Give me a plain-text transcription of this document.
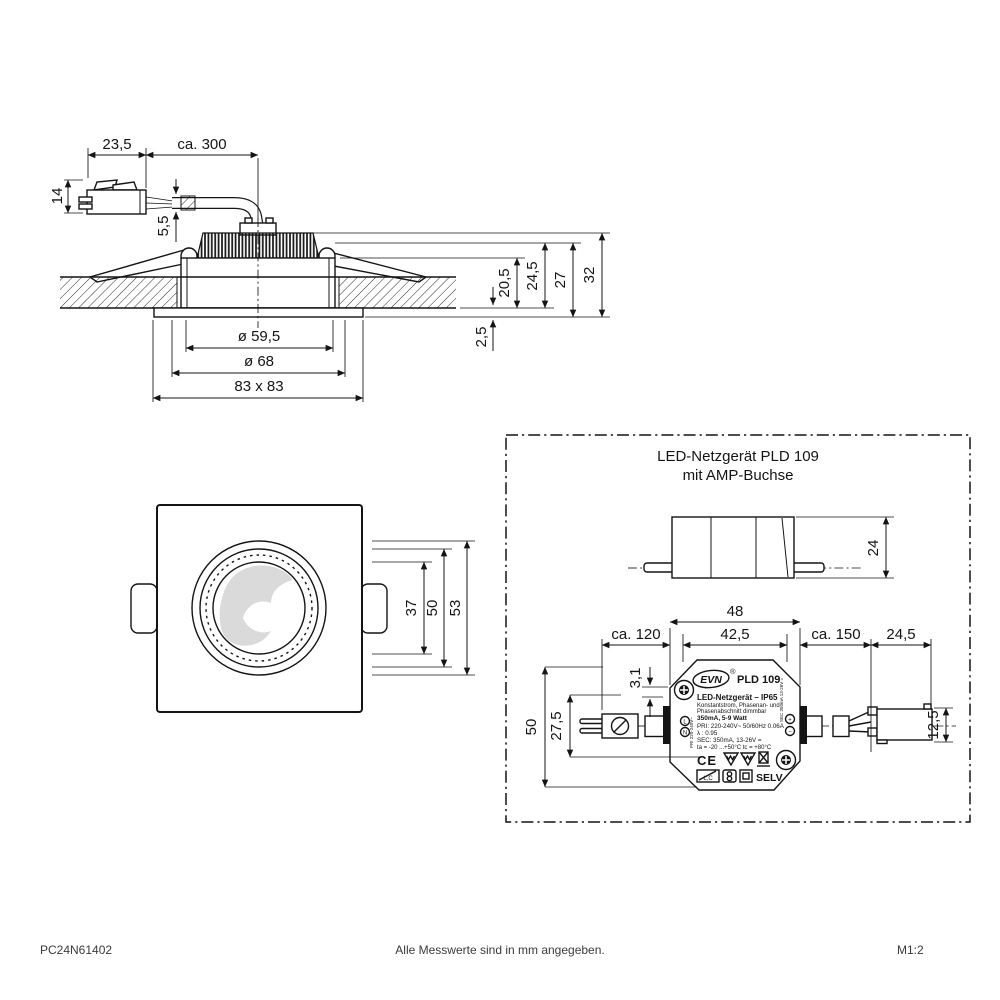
23,5	ca. 300
14
5,5
20,5 24,5 27 32
2,5
ø 59,5
ø 68
83 x 83
37 50 53
LED-Netzgerät PLD 109
mit AMP-Buchse
24
EVN
®
PLD 109
LED-Netzgerät – IP65
Konstantstrom, Phasenan- und
Phasenabschnitt dimmbar
350mA, 5-9 Watt
PRI: 220-240V~ 50/60Hz 0.06A
λ : 0.95
SEC: 350mA, 13-26V =
ta = -20 ...+50°C tc = +80°C
CE
L,C	SELV
L
N PRI 220-240V~
SEC 350mA 13-26V = +
−
48
42,5
ca. 120	ca. 150 24,5
3,1
50 27,5	12,5
PC24N61402	Alle Messwerte sind in mm angegeben.	M1:2
